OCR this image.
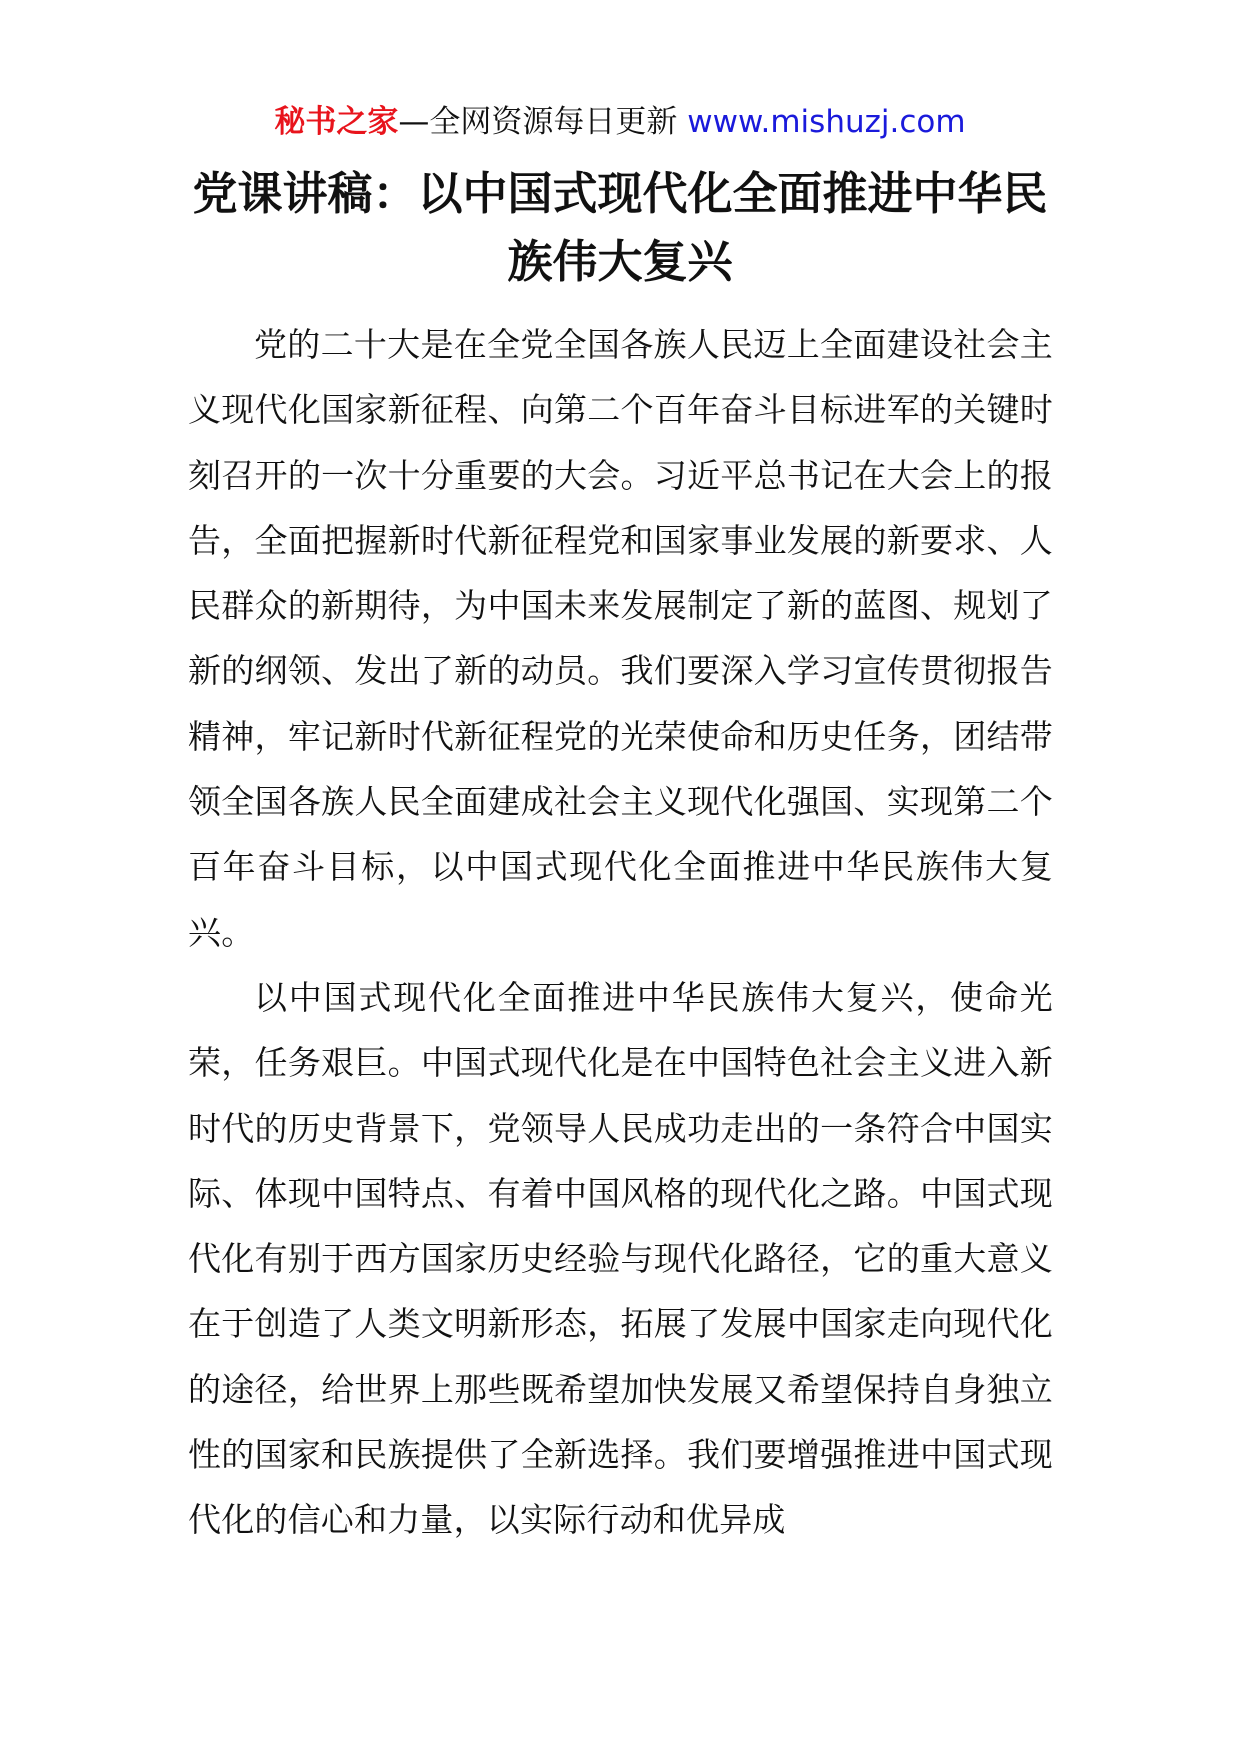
秘书之家—全网资源每日更新 www.mishuzj.com
党课讲稿：以中国式现代化全面推进中华民族伟大复兴

党的二十大是在全党全国各族人民迈上全面建设社会主义现代化国家新征程、向第二个百年奋斗目标进军的关键时刻召开的一次十分重要的大会。习近平总书记在大会上的报告，全面把握新时代新征程党和国家事业发展的新要求、人民群众的新期待，为中国未来发展制定了新的蓝图、规划了新的纲领、发出了新的动员。我们要深入学习宣传贯彻报告精神，牢记新时代新征程党的光荣使命和历史任务，团结带领全国各族人民全面建成社会主义现代化强国、实现第二个百年奋斗目标，以中国式现代化全面推进中华民族伟大复兴。

以中国式现代化全面推进中华民族伟大复兴，使命光荣，任务艰巨。中国式现代化是在中国特色社会主义进入新时代的历史背景下，党领导人民成功走出的一条符合中国实际、体现中国特点、有着中国风格的现代化之路。中国式现代化有别于西方国家历史经验与现代化路径，它的重大意义在于创造了人类文明新形态，拓展了发展中国家走向现代化的途径，给世界上那些既希望加快发展又希望保持自身独立性的国家和民族提供了全新选择。我们要增强推进中国式现代化的信心和力量，以实际行动和优异成
